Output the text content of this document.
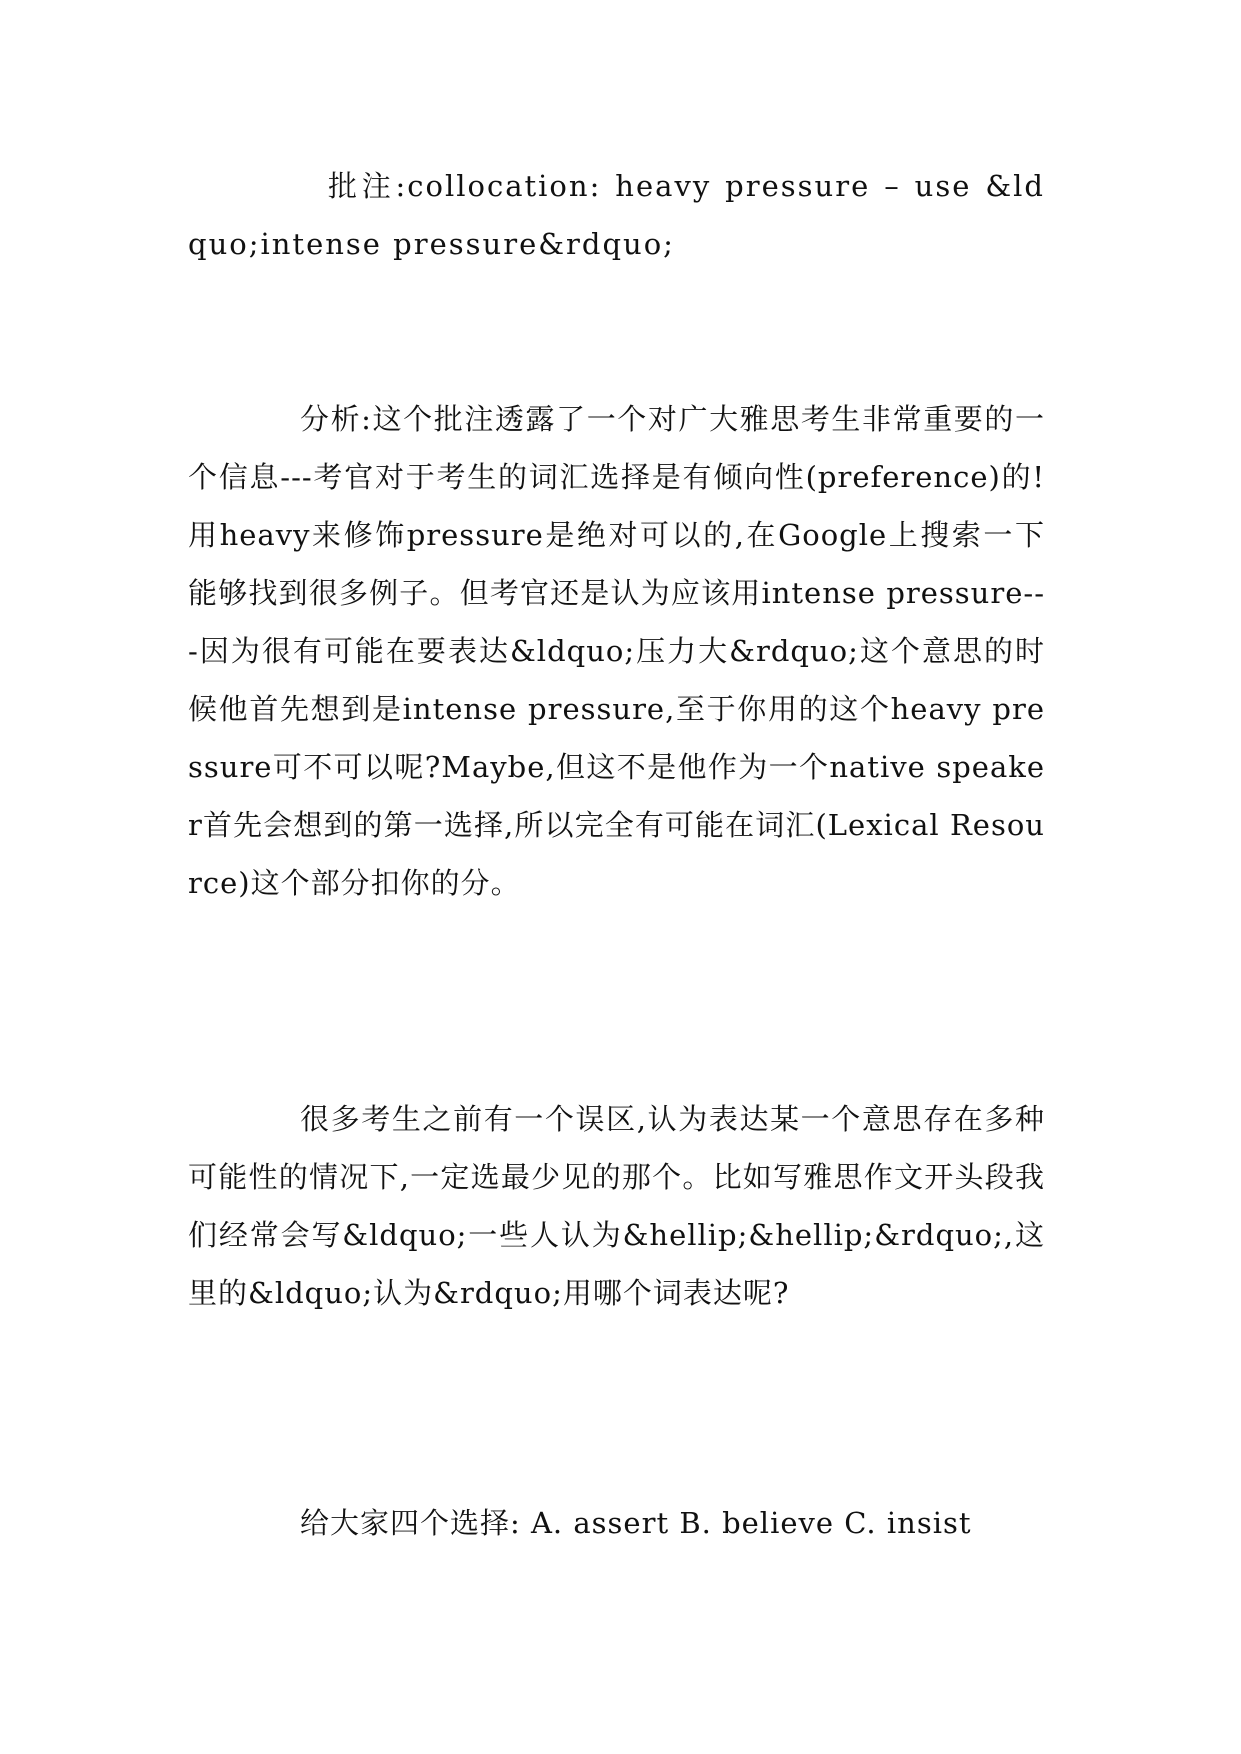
批注:collocation: heavy pressure – use &ldquo;intense pressure&rdquo;

分析:这个批注透露了一个对广大雅思考生非常重要的一个信息---考官对于考生的词汇选择是有倾向性(preference)的!用heavy来修饰pressure是绝对可以的,在Google上搜索一下能够找到很多例子。但考官还是认为应该用intense pressure---因为很有可能在要表达&ldquo;压力大&rdquo;这个意思的时候他首先想到是intense pressure,至于你用的这个heavy pressure可不可以呢?Maybe,但这不是他作为一个native speaker首先会想到的第一选择,所以完全有可能在词汇(Lexical Resource)这个部分扣你的分。

很多考生之前有一个误区,认为表达某一个意思存在多种可能性的情况下,一定选最少见的那个。比如写雅思作文开头段我们经常会写&ldquo;一些人认为&hellip;&hellip;&rdquo;,这里的&ldquo;认为&rdquo;用哪个词表达呢?

给大家四个选择: A. assert B. believe C. insist
